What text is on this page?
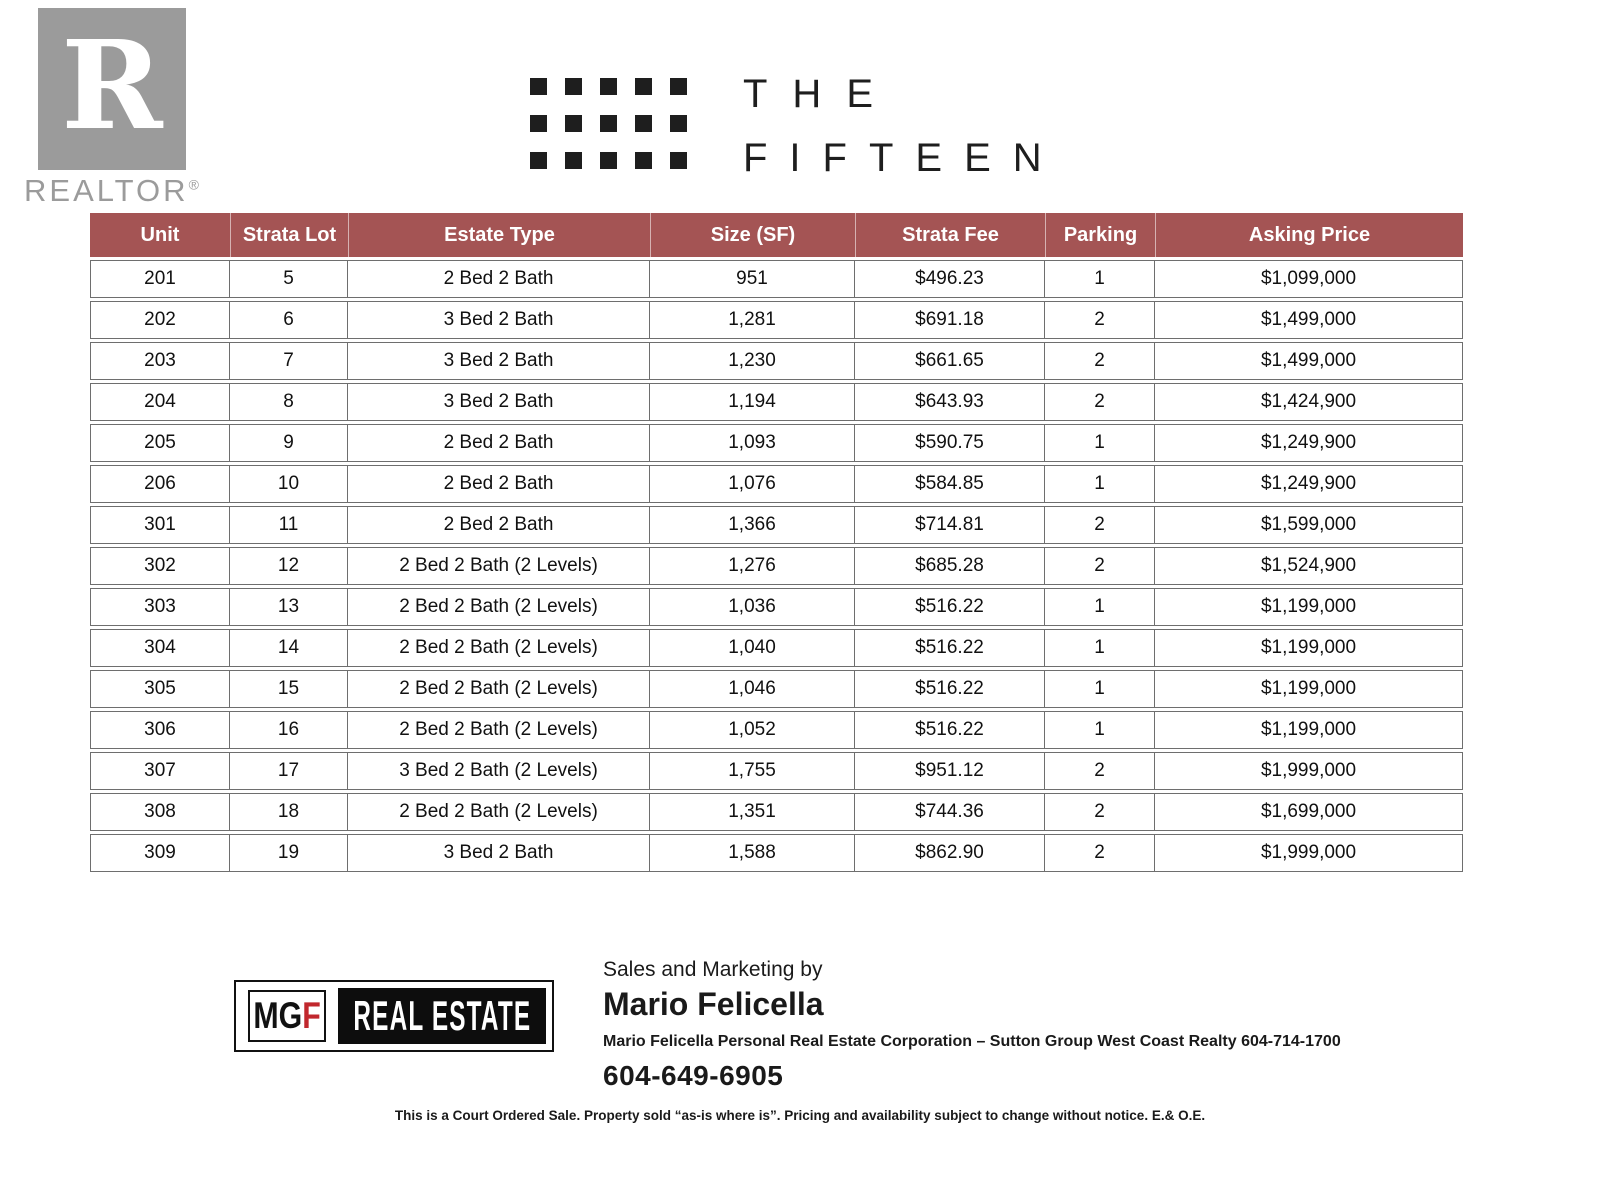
R
REALTOR®
THE
FIFTEEN
Unit	Strata Lot	Estate Type	Size (SF)	Strata Fee	Parking	Asking Price
201	5	2 Bed 2 Bath	951	$496.23	1	$1,099,000
202	6	3 Bed 2 Bath	1,281	$691.18	2	$1,499,000
203	7	3 Bed 2 Bath	1,230	$661.65	2	$1,499,000
204	8	3 Bed 2 Bath	1,194	$643.93	2	$1,424,900
205	9	2 Bed 2 Bath	1,093	$590.75	1	$1,249,900
206	10	2 Bed 2 Bath	1,076	$584.85	1	$1,249,900
301	11	2 Bed 2 Bath	1,366	$714.81	2	$1,599,000
302	12	2 Bed 2 Bath (2 Levels)	1,276	$685.28	2	$1,524,900
303	13	2 Bed 2 Bath (2 Levels)	1,036	$516.22	1	$1,199,000
304	14	2 Bed 2 Bath (2 Levels)	1,040	$516.22	1	$1,199,000
305	15	2 Bed 2 Bath (2 Levels)	1,046	$516.22	1	$1,199,000
306	16	2 Bed 2 Bath (2 Levels)	1,052	$516.22	1	$1,199,000
307	17	3 Bed 2 Bath (2 Levels)	1,755	$951.12	2	$1,999,000
308	18	2 Bed 2 Bath (2 Levels)	1,351	$744.36	2	$1,699,000
309	19	3 Bed 2 Bath	1,588	$862.90	2	$1,999,000
MGF REAL ESTATE
Sales and Marketing by
Mario Felicella
Mario Felicella Personal Real Estate Corporation – Sutton Group West Coast Realty 604-714-1700
604-649-6905
This is a Court Ordered Sale. Property sold “as-is where is”. Pricing and availability subject to change without notice. E.& O.E.
